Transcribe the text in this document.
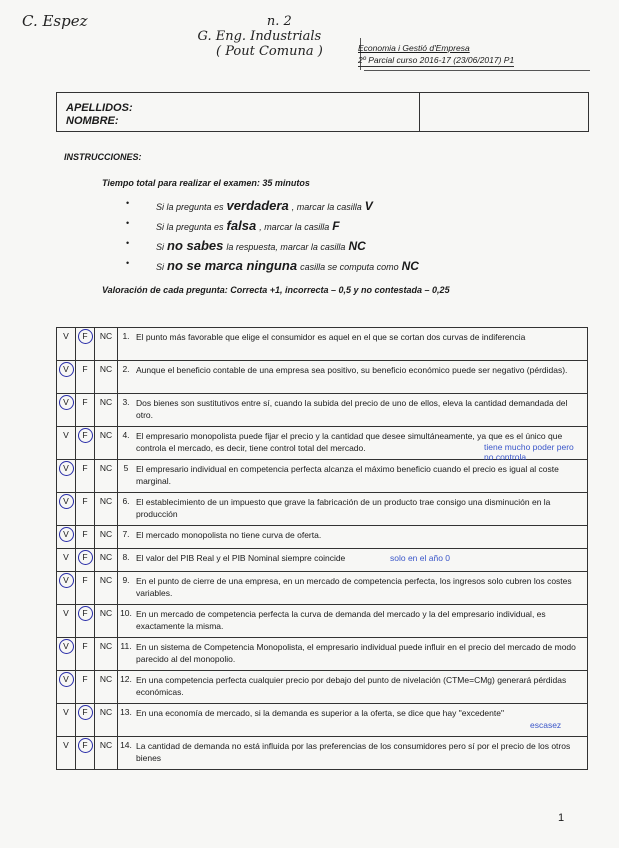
C. Espez	n. 2
G. Eng. Industrials
( Pout Comuna )	Economia i Gestió d'Empresa
2º Parcial curso 2016-17 (23/06/2017) P1
APELLIDOS:
NOMBRE:
INSTRUCCIONES:
Tiempo total para realizar el examen: 35 minutos
• Si la pregunta es verdadera , marcar la casilla V
• Si la pregunta es falsa , marcar la casilla F
• Si no sabes la respuesta, marcar la casilla NC
• Si no se marca ninguna casilla se computa como NC
Valoración de cada pregunta: Correcta +1, incorrecta – 0,5 y no contestada – 0,25
V	F	NC	1.	El punto más favorable que elige el consumidor es aquel en el que se cortan dos curvas de indiferencia
V	F	NC	2.	Aunque el beneficio contable de una empresa sea positivo, su beneficio económico puede ser negativo (pérdidas).
V	F	NC	3.	Dos bienes son sustitutivos entre sí, cuando la subida del precio de uno de ellos, eleva la cantidad demandada del otro.
V	F	NC	4.	El empresario monopolista puede fijar el precio y la cantidad que desee simultáneamente, ya que es el único que controla el mercado, es decir, tiene control total del mercado. tiene mucho poder pero no controla

V	F	NC	5	El empresario individual en competencia perfecta alcanza el máximo beneficio cuando el precio es igual al coste marginal.
V	F	NC	6.	El establecimiento de un impuesto que grave la fabricación de un producto trae consigo una disminución en la producción
V	F	NC	7.	El mercado monopolista no tiene curva de oferta.
V	F	NC	8.	El valor del PIB Real y el PIB Nominal siempre coincide solo en el año 0

V	F	NC	9.	En el punto de cierre de una empresa, en un mercado de competencia perfecta, los ingresos solo cubren los costes variables.
V	F	NC	10.	En un mercado de competencia perfecta la curva de demanda del mercado y la del empresario individual, es exactamente la misma.
V	F	NC	11.	En un sistema de Competencia Monopolista, el empresario individual puede influir en el precio del mercado de modo parecido al del monopolio.
V	F	NC	12.	En una competencia perfecta cualquier precio por debajo del punto de nivelación (CTMe=CMg) generará pérdidas económicas.
V	F	NC	13.	En una economía de mercado, si la demanda es superior a la oferta, se dice que hay "excedente"
escasez

V	F	NC	14.	La cantidad de demanda no está influida por las preferencias de los consumidores pero sí por el precio de los otros bienes
1
